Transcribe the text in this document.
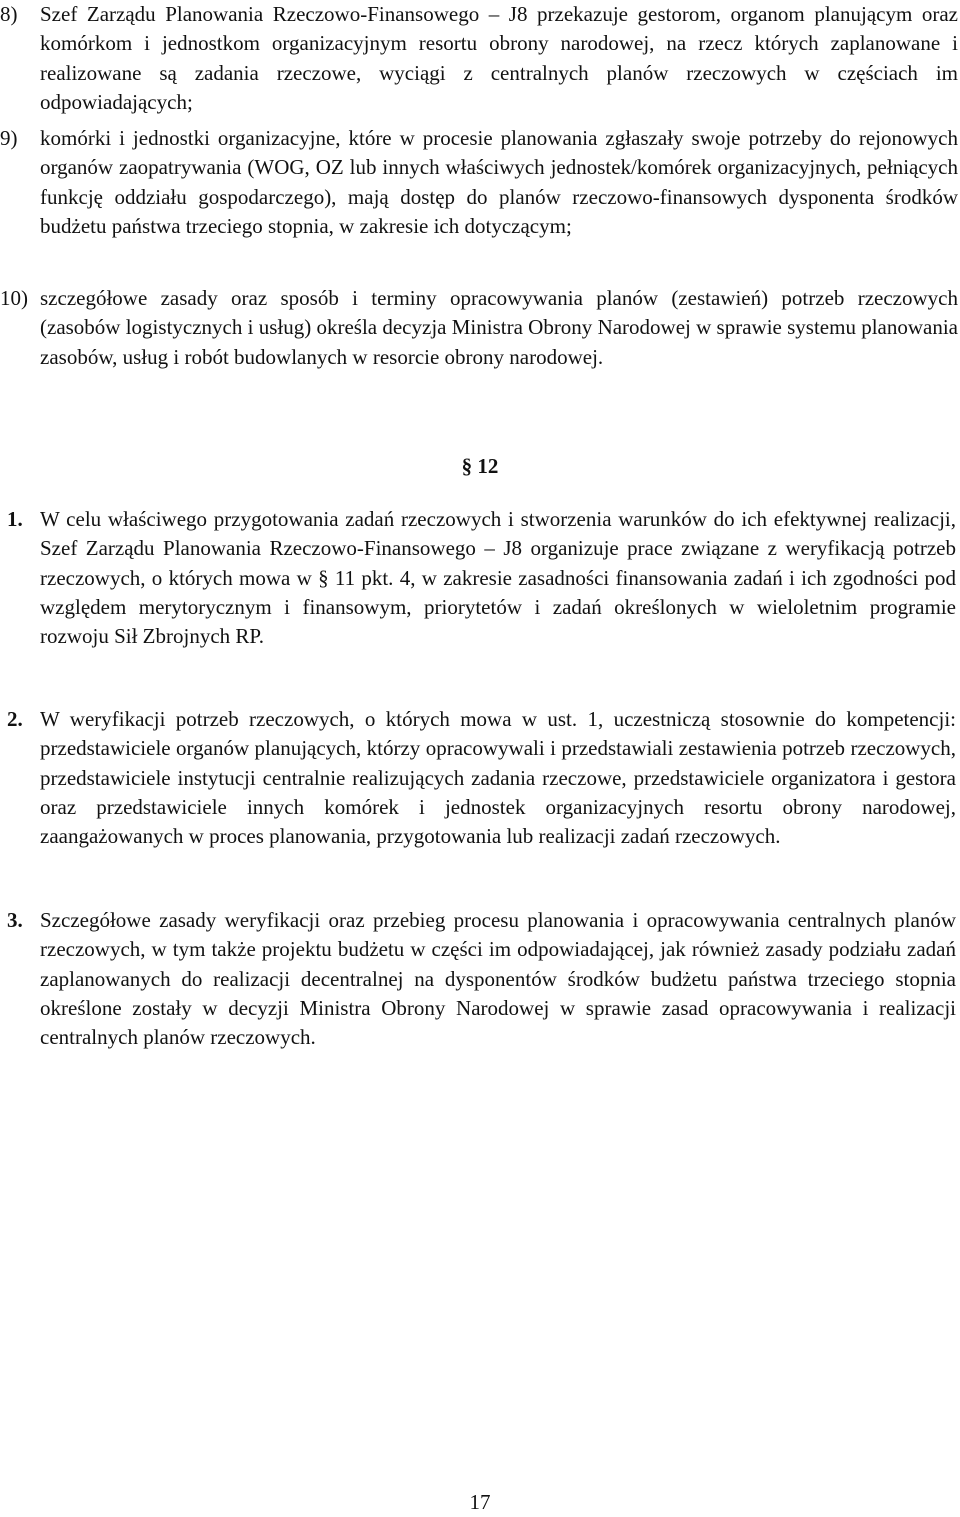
8) Szef Zarządu Planowania Rzeczowo-Finansowego – J8 przekazuje gestorom, organom planującym oraz komórkom i jednostkom organizacyjnym resortu obrony narodowej, na rzecz których zaplanowane i realizowane są zadania rzeczowe, wyciągi z centralnych planów rzeczowych w częściach im odpowiadających;
9) komórki i jednostki organizacyjne, które w procesie planowania zgłaszały swoje potrzeby do rejonowych organów zaopatrywania (WOG, OZ lub innych właściwych jednostek/komórek organizacyjnych, pełniących funkcję oddziału gospodarczego), mają dostęp do planów rzeczowo-finansowych dysponenta środków budżetu państwa trzeciego stopnia, w zakresie ich dotyczącym;
10) szczegółowe zasady oraz sposób i terminy opracowywania planów (zestawień) potrzeb rzeczowych (zasobów logistycznych i usług) określa decyzja Ministra Obrony Narodowej w sprawie systemu planowania zasobów, usług i robót budowlanych w resorcie obrony narodowej.
§ 12
1. W celu właściwego przygotowania zadań rzeczowych i stworzenia warunków do ich efektywnej realizacji, Szef Zarządu Planowania Rzeczowo-Finansowego – J8 organizuje prace związane z weryfikacją potrzeb rzeczowych, o których mowa w § 11 pkt. 4, w zakresie zasadności finansowania zadań i ich zgodności pod względem merytorycznym i finansowym, priorytetów i zadań określonych w wieloletnim programie rozwoju Sił Zbrojnych RP.
2. W weryfikacji potrzeb rzeczowych, o których mowa w ust. 1, uczestniczą stosownie do kompetencji: przedstawiciele organów planujących, którzy opracowywali i przedstawiali zestawienia potrzeb rzeczowych, przedstawiciele instytucji centralnie realizujących zadania rzeczowe, przedstawiciele organizatora i gestora oraz przedstawiciele innych komórek i jednostek organizacyjnych resortu obrony narodowej, zaangażowanych w proces planowania, przygotowania lub realizacji zadań rzeczowych.
3. Szczegółowe zasady weryfikacji oraz przebieg procesu planowania i opracowywania centralnych planów rzeczowych, w tym także projektu budżetu w części im odpowiadającej, jak również zasady podziału zadań zaplanowanych do realizacji decentralnej na dysponentów środków budżetu państwa trzeciego stopnia określone zostały w decyzji Ministra Obrony Narodowej w sprawie zasad opracowywania i realizacji centralnych planów rzeczowych.
17
